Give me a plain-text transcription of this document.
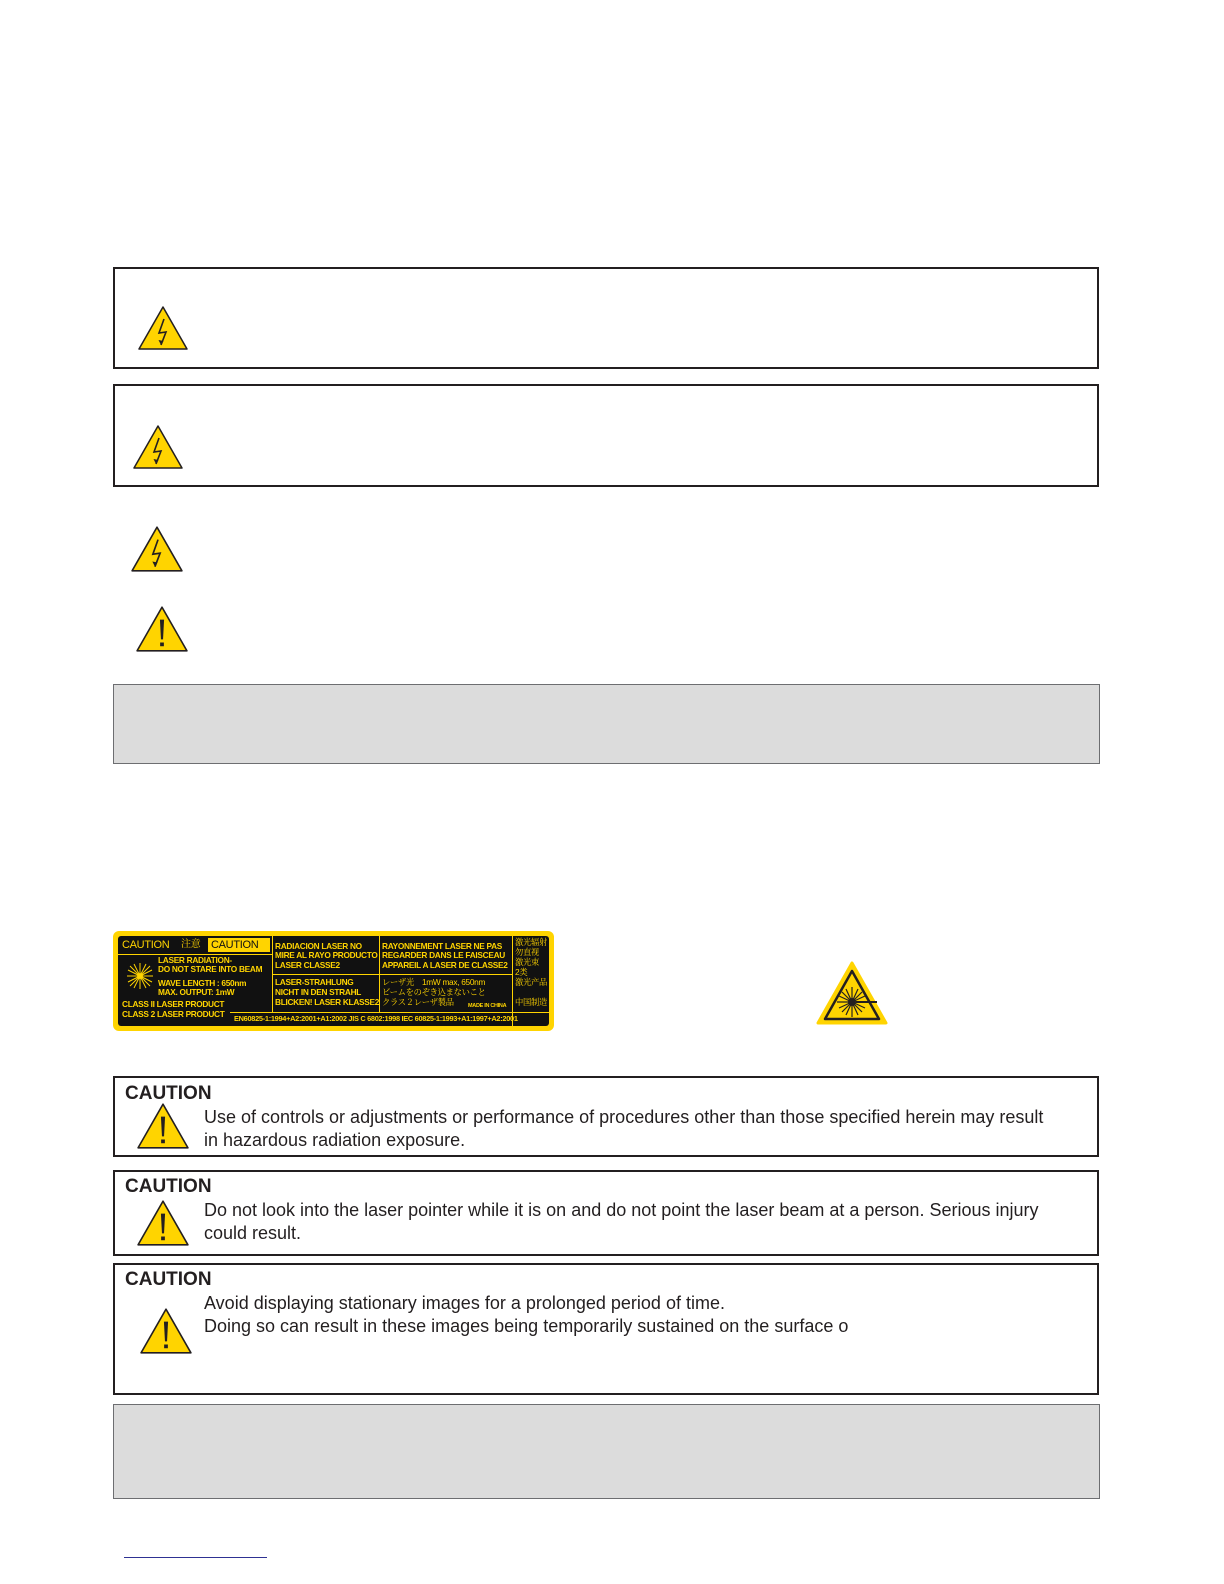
CAUTION 注意 CAUTION
LASER RADIATION-
DO NOT STARE INTO BEAM
WAVE LENGTH : 650nm
MAX. OUTPUT: 1mW
CLASS II LASER PRODUCT
CLASS 2 LASER PRODUCT
RADIACION LASER NO
MIRE AL RAYO PRODUCTO
LASER CLASSE2
LASER-STRAHLUNG
NICHT IN DEN STRAHL
BLICKEN! LASER KLASSE2
RAYONNEMENT LASER NE PAS
REGARDER DANS LE FAISCEAU
APPAREIL A LASER DE CLASSE2
レーザ光　1mW max, 650nm
ビームをのぞき込まないこと
クラス２レーザ製品	MADE IN CHINA
激光辐射
勿直视
激光束
2类
激光产品
中国制造
EN60825-1:1994+A2:2001+A1:2002 JIS C 6802:1998 IEC 60825-1:1993+A1:1997+A2:2001
CAUTION
Use of controls or adjustments or performance of procedures other than those specified herein may result
in hazardous radiation exposure.
CAUTION
Do not look into the laser pointer while it is on and do not point the laser beam at a person. Serious injury
could result.
CAUTION
Avoid displaying stationary images for a prolonged period of time.
Doing so can result in these images being temporarily sustained on the surface o
